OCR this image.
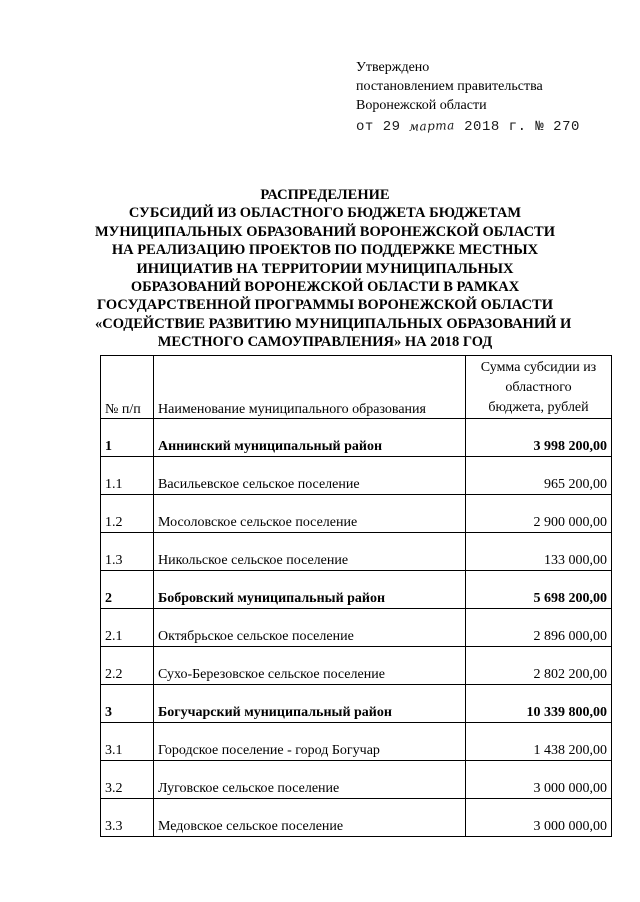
Утверждено
постановлением правительства
Воронежской области
от 29 марта 2018 г. № 270
РАСПРЕДЕЛЕНИЕ
СУБСИДИЙ ИЗ ОБЛАСТНОГО БЮДЖЕТА БЮДЖЕТАМ
МУНИЦИПАЛЬНЫХ ОБРАЗОВАНИЙ ВОРОНЕЖСКОЙ ОБЛАСТИ
НА РЕАЛИЗАЦИЮ ПРОЕКТОВ ПО ПОДДЕРЖКЕ МЕСТНЫХ
ИНИЦИАТИВ НА ТЕРРИТОРИИ МУНИЦИПАЛЬНЫХ
ОБРАЗОВАНИЙ ВОРОНЕЖСКОЙ ОБЛАСТИ В РАМКАХ
ГОСУДАРСТВЕННОЙ ПРОГРАММЫ ВОРОНЕЖСКОЙ ОБЛАСТИ
«СОДЕЙСТВИЕ РАЗВИТИЮ МУНИЦИПАЛЬНЫХ ОБРАЗОВАНИЙ И
МЕСТНОГО САМОУПРАВЛЕНИЯ» НА 2018 ГОД
№ п/п	Наименование муниципального образования	Сумма субсидии из
областного
бюджета, рублей

1	Аннинский муниципальный район	3 998 200,00
1.1	Васильевское сельское поселение	965 200,00
1.2	Мосоловское сельское поселение	2 900 000,00
1.3	Никольское сельское поселение	133 000,00
2	Бобровский муниципальный район	5 698 200,00
2.1	Октябрьское сельское поселение	2 896 000,00
2.2	Сухо-Березовское сельское поселение	2 802 200,00
3	Богучарский муниципальный район	10 339 800,00
3.1	Городское поселение - город Богучар	1 438 200,00
3.2	Луговское сельское поселение	3 000 000,00
3.3	Медовское сельское поселение	3 000 000,00
